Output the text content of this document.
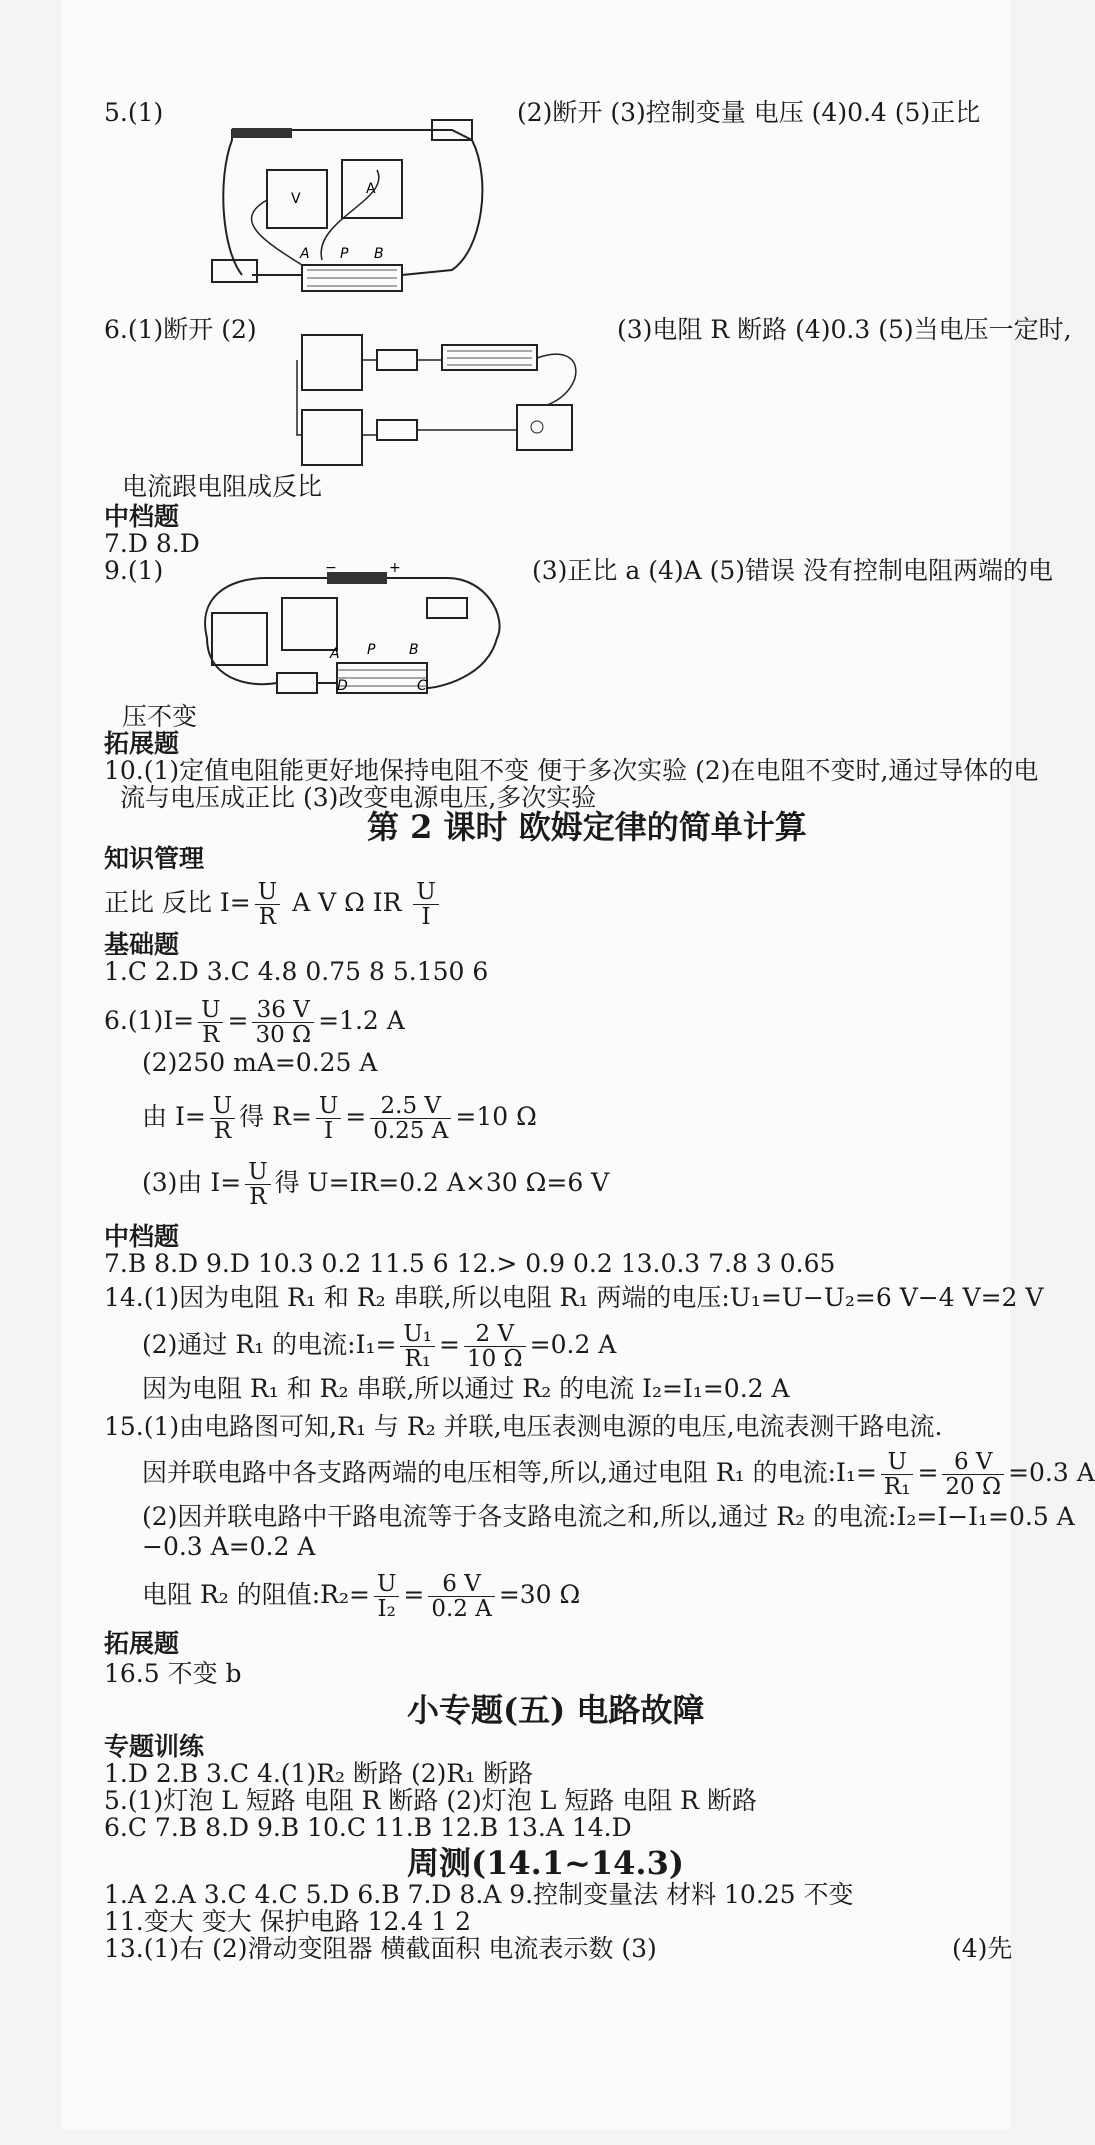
5.(1)	(2)断开 (3)控制变量 电压 (4)0.4 (5)正比
V
A
A P B
6.(1)断开 (2)	(3)电阻 R 断路 (4)0.3 (5)当电压一定时,
电流跟电阻成反比
中档题
7.D 8.D
9.(1)	(3)正比 a (4)A (5)错误 没有控制电阻两端的电
−	+
A P B
D	C
压不变
拓展题
10.(1)定值电阻能更好地保持电阻不变 便于多次实验 (2)在电阻不变时,通过导体的电
流与电压成正比 (3)改变电源电压,多次实验
第 2 课时 欧姆定律的简单计算
知识管理
正比 反比 $I= \frac{U}{R}$ A V Ω IR $\frac{U}{I}$
基础题
1.C 2.D 3.C 4.8 0.75 8 5.150 6
$6.(1)I= \frac{U}{R} = \frac{36 V}{30 \Omega} =1.2$ A
(2)250 mA=0.25 A
由 $I= \frac{U}{R}$ 得 $R= \frac{U}{I} = \frac{2.5 V}{0.25 A} =10$ Ω
(3)由 $I= \frac{U}{R}$ 得 U=IR=0.2 A×30 Ω=6 V
中档题
7.B 8.D 9.D 10.3 0.2 11.5 6 12.> 0.9 0.2 13.0.3 7.8 3 0.65
14.(1)因为电阻 R₁ 和 R₂ 串联,所以电阻 R₁ 两端的电压:U₁=U−U₂=6 V−4 V=2 V
(2)通过 R₁ 的电流:I₁= $\frac{\text{U₁}}{\text{R₁}} = \frac{2 V}{10 \Omega} =0.2$ A
因为电阻 R₁ 和 R₂ 串联,所以通过 R₂ 的电流 I₂=I₁=0.2 A
15.(1)由电路图可知,R₁ 与 R₂ 并联,电压表测电源的电压,电流表测干路电流.
因并联电路中各支路两端的电压相等,所以,通过电阻 R₁ 的电流:I₁= $\frac{U}{\text{R₁}} = \frac{6 V}{20 \Omega} =0.3$ A
(2)因并联电路中干路电流等于各支路电流之和,所以,通过 R₂ 的电流:I₂=I−I₁=0.5 A
−0.3 A=0.2 A
电阻 R₂ 的阻值:R₂= $\frac{U}{\text{I₂}} = \frac{6 V}{0.2 A} =30$ Ω
拓展题
16.5 不变 b
小专题(五) 电路故障
专题训练
1.D 2.B 3.C 4.(1)R₂ 断路 (2)R₁ 断路
5.(1)灯泡 L 短路 电阻 R 断路 (2)灯泡 L 短路 电阻 R 断路
6.C 7.B 8.D 9.B 10.C 11.B 12.B 13.A 14.D
周测(14.1~14.3)
1.A 2.A 3.C 4.C 5.D 6.B 7.D 8.A 9.控制变量法 材料 10.25 不变
11.变大 变大 保护电路 12.4 1 2
13.(1)右 (2)滑动变阻器 横截面积 电流表示数 (3)	(4)先
